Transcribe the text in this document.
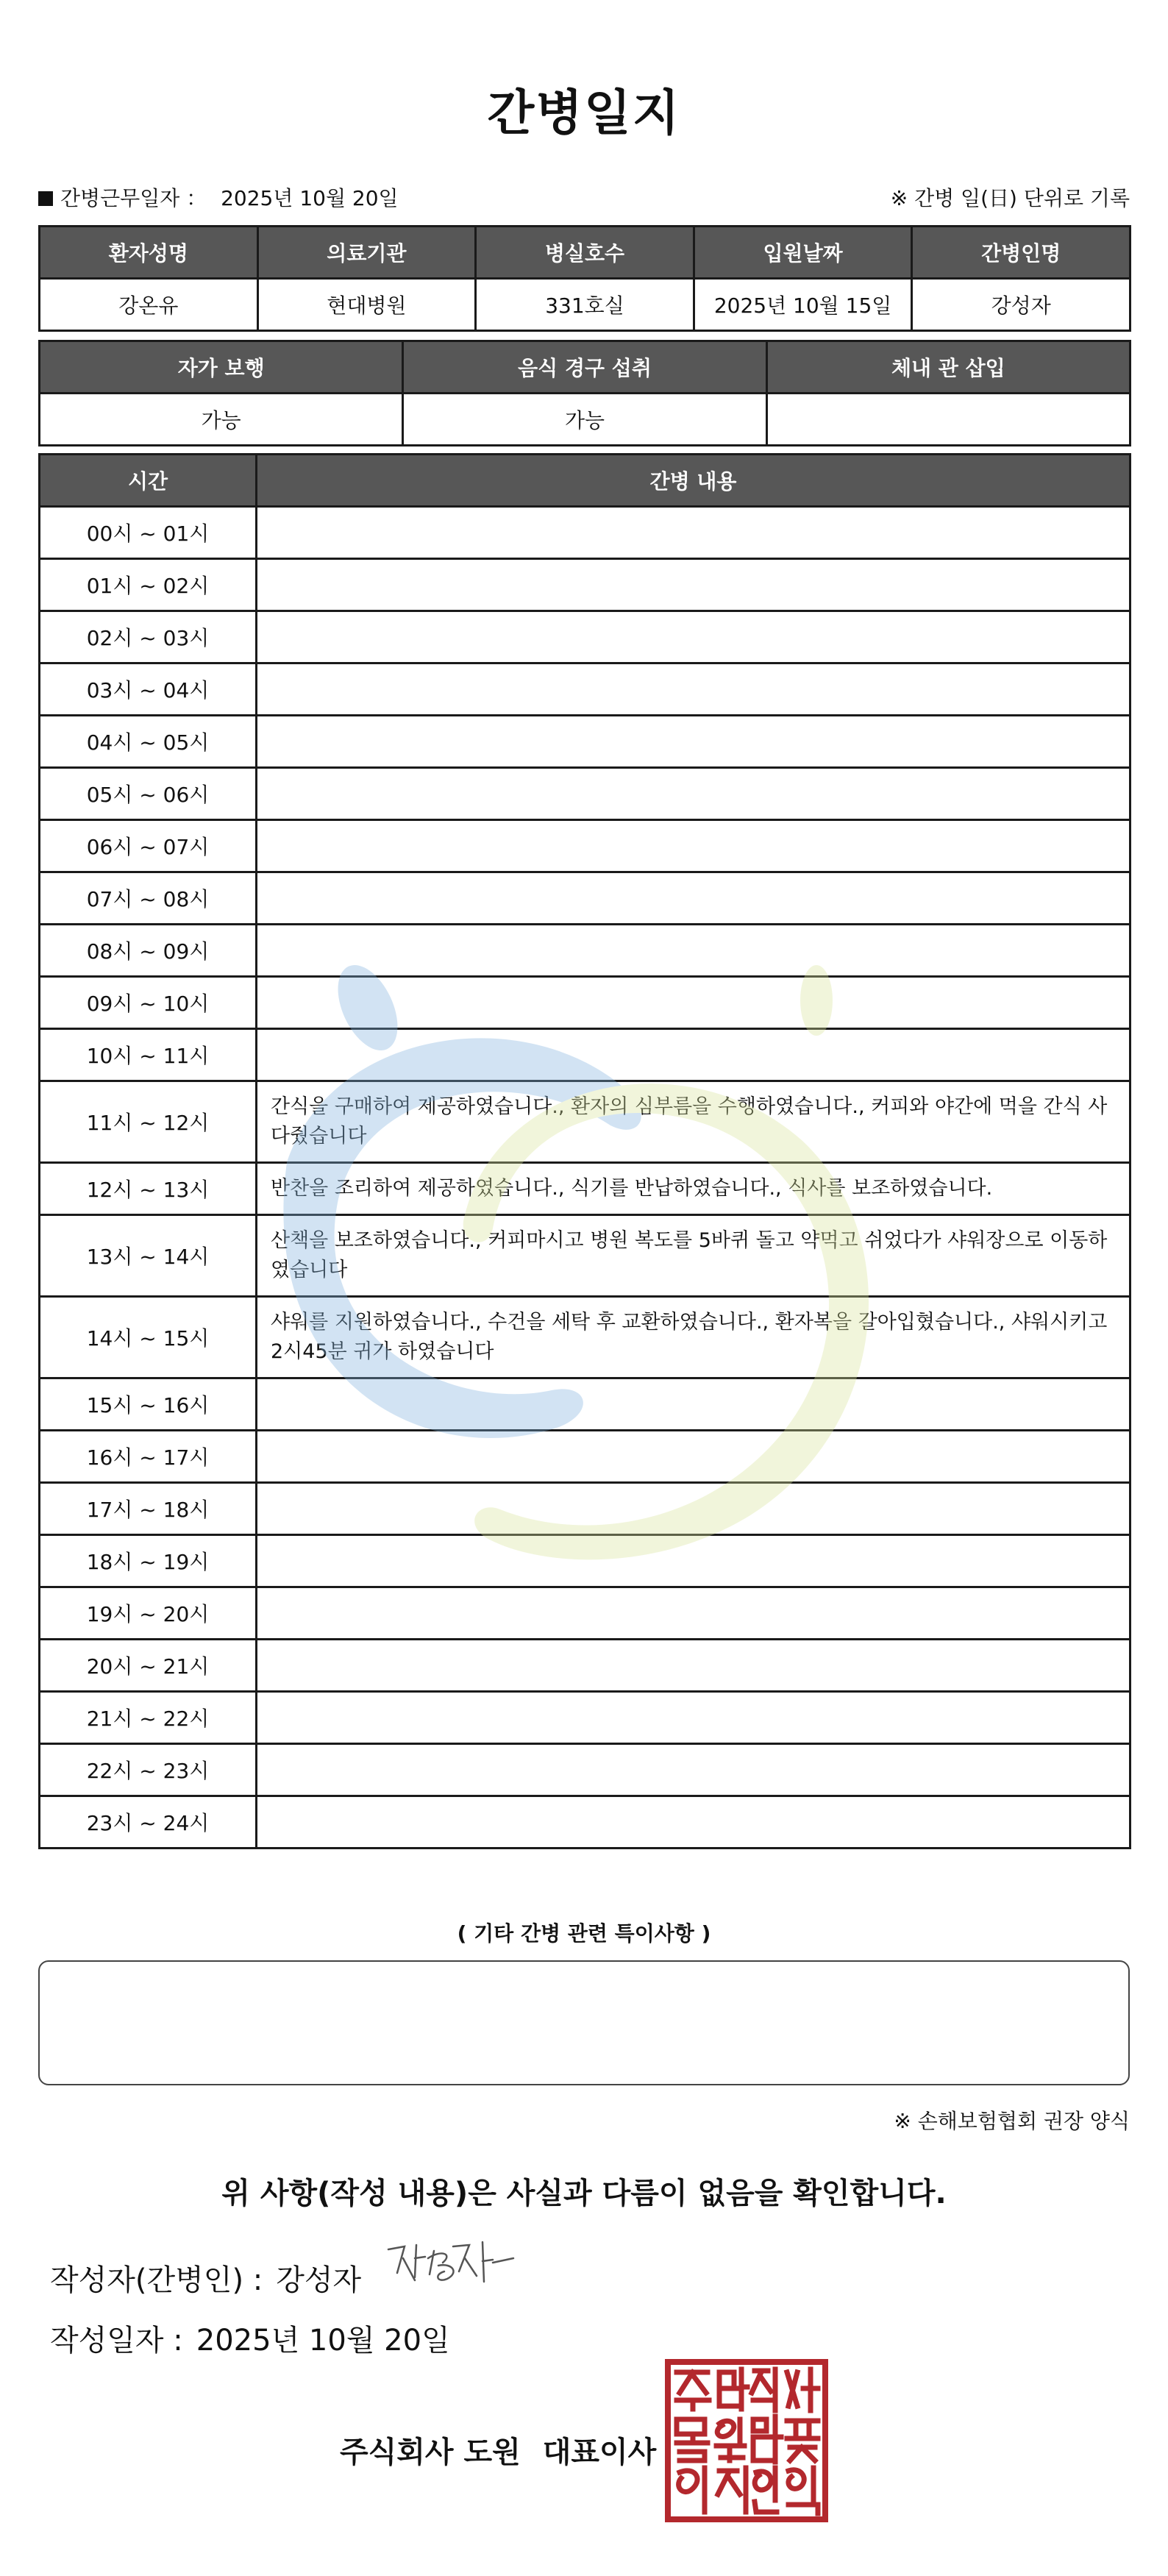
간병일지
간병근무일자 ： 2025년 10월 20일	※ 간병 일(日) 단위로 기록
환자성명	의료기관	병실호수	입원날짜	간병인명
강온유	현대병원	331호실	2025년 10월 15일	강성자
자가 보행	음식 경구 섭취	체내 관 삽입
가능	가능	
시간	간병 내용
00시 ~ 01시	
01시 ~ 02시	
02시 ~ 03시	
03시 ~ 04시	
04시 ~ 05시	
05시 ~ 06시	
06시 ~ 07시	
07시 ~ 08시	
08시 ~ 09시	
09시 ~ 10시	
10시 ~ 11시	
11시 ~ 12시	간식을 구매하여 제공하였습니다., 환자의 심부름을 수행하였습니다., 커피와 야간에 먹을 간식 사다줬습니다
12시 ~ 13시	반찬을 조리하여 제공하였습니다., 식기를 반납하였습니다., 식사를 보조하였습니다.
13시 ~ 14시	산책을 보조하였습니다., 커피마시고 병원 복도를 5바퀴 돌고 약먹고 쉬었다가 샤워장으로 이동하였습니다
14시 ~ 15시	샤워를 지원하였습니다., 수건을 세탁 후 교환하였습니다., 환자복을 갈아입혔습니다., 샤워시키고 2시45분 귀가 하였습니다
15시 ~ 16시	
16시 ~ 17시	
17시 ~ 18시	
18시 ~ 19시	
19시 ~ 20시	
20시 ~ 21시	
21시 ~ 22시	
22시 ~ 23시	
23시 ~ 24시	
( 기타 간병 관련 특이사항 )
※ 손해보험협회 권장 양식
위 사항(작성 내용)은 사실과 다름이 없음을 확인합니다.
작성자(간병인) : 강성자
작성일자 : 2025년 10월 20일
주식회사 도원 대표이사
